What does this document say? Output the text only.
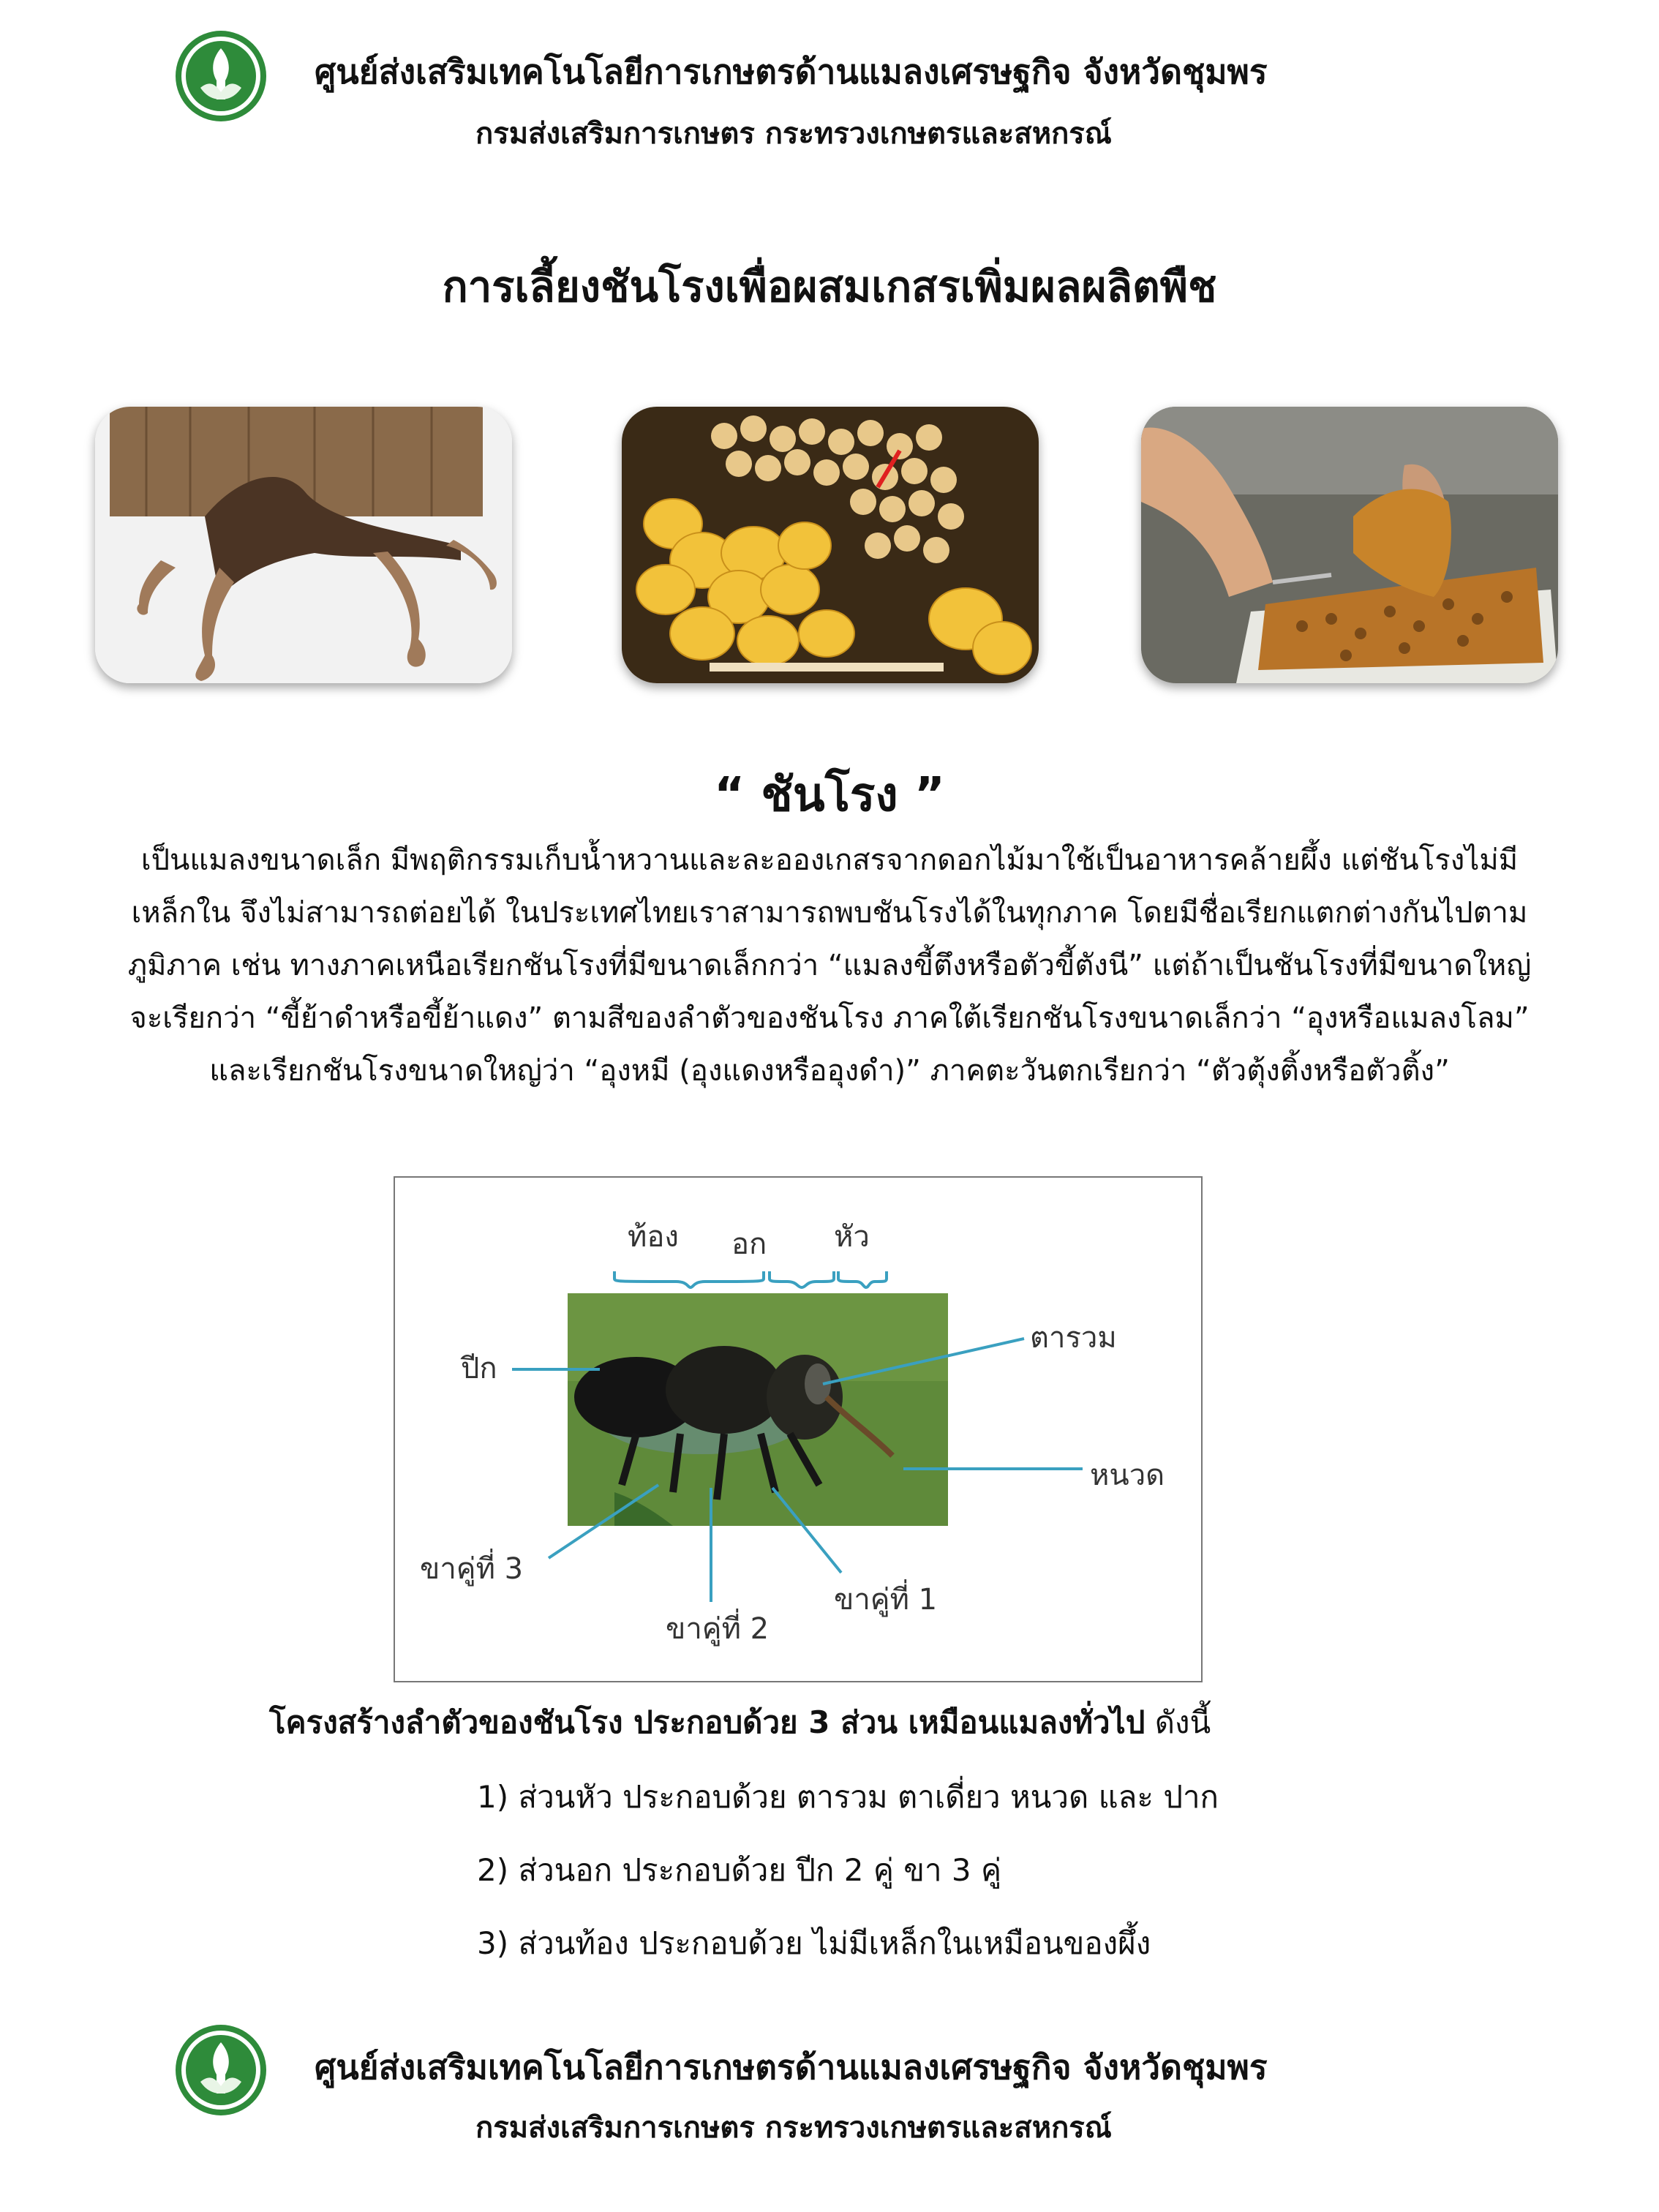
ศูนย์ส่งเสริมเทคโนโลยีการเกษตรด้านแมลงเศรษฐกิจ จังหวัดชุมพร
กรมส่งเสริมการเกษตร กระทรวงเกษตรและสหกรณ์
การเลี้ยงชันโรงเพื่อผสมเกสรเพิ่มผลผลิตพืช
“ ชันโรง ”
เป็นแมลงขนาดเล็ก มีพฤติกรรมเก็บน้ำหวานและละอองเกสรจากดอกไม้มาใช้เป็นอาหารคล้ายผึ้ง แต่ชันโรงไม่มี
เหล็กใน จึงไม่สามารถต่อยได้ ในประเทศไทยเราสามารถพบชันโรงได้ในทุกภาค โดยมีชื่อเรียกแตกต่างกันไปตาม
ภูมิภาค เช่น ทางภาคเหนือเรียกชันโรงที่มีขนาดเล็กกว่า “แมลงขี้ตึงหรือตัวขี้ตังนี” แต่ถ้าเป็นชันโรงที่มีขนาดใหญ่
จะเรียกว่า “ขี้ย้าดำหรือขี้ย้าแดง” ตามสีของลำตัวของชันโรง ภาคใต้เรียกชันโรงขนาดเล็กว่า “อุงหรือแมลงโลม”
และเรียกชันโรงขนาดใหญ่ว่า “อุงหมี (อุงแดงหรืออุงดำ)” ภาคตะวันตกเรียกว่า “ตัวตุ้งติ้งหรือตัวติ้ง”
ท้อง อก หัว
ปีก
ตารวม
หนวด
ขาคู่ที่ 3
ขาคู่ที่ 2
ขาคู่ที่ 1
โครงสร้างลำตัวของชันโรง ประกอบด้วย 3 ส่วน เหมือนแมลงทั่วไป ดังนี้
1) ส่วนหัว ประกอบด้วย ตารวม ตาเดี่ยว หนวด และ ปาก
2) ส่วนอก ประกอบด้วย ปีก 2 คู่ ขา 3 คู่
3) ส่วนท้อง ประกอบด้วย ไม่มีเหล็กในเหมือนของผึ้ง
ศูนย์ส่งเสริมเทคโนโลยีการเกษตรด้านแมลงเศรษฐกิจ จังหวัดชุมพร
กรมส่งเสริมการเกษตร กระทรวงเกษตรและสหกรณ์
